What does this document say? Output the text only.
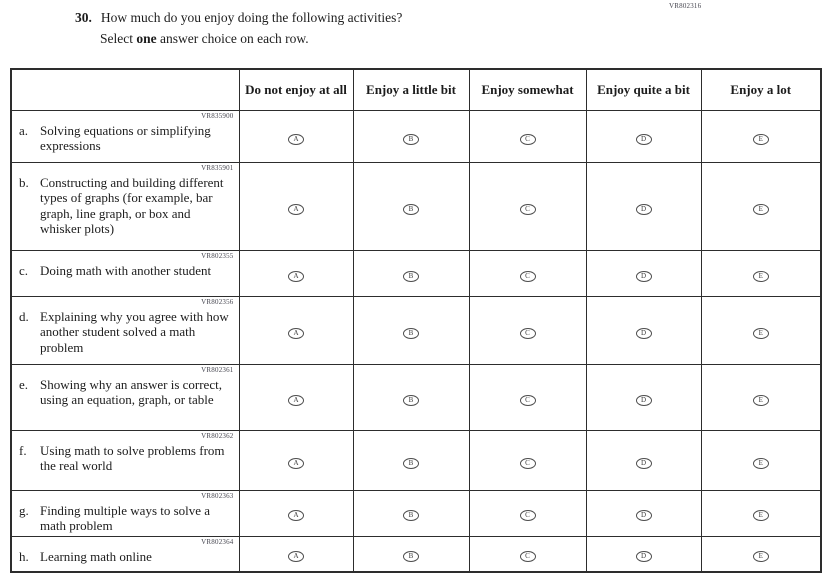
VR802316
30. How much do you enjoy doing the following activities?
Select one answer choice on each row.
	Do not enjoy at all	Enjoy a little bit	Enjoy somewhat	Enjoy quite a bit	Enjoy a lot

VR835900
a. Solving equations or simplifying expressions	A	B	C	D	E

VR835901
b. Constructing and building different types of graphs (for example, bar graph, line graph, or box and whisker plots)	A	B	C	D	E

VR802355
c. Doing math with another student	A	B	C	D	E

VR802356
d. Explaining why you agree with how another student solved a math problem	A	B	C	D	E

VR802361
e. Showing why an answer is correct, using an equation, graph, or table	A	B	C	D	E

VR802362
f. Using math to solve problems from the real world	A	B	C	D	E

VR802363
g. Finding multiple ways to solve a math problem	A	B	C	D	E

VR802364
h. Learning math online	A	B	C	D	E
